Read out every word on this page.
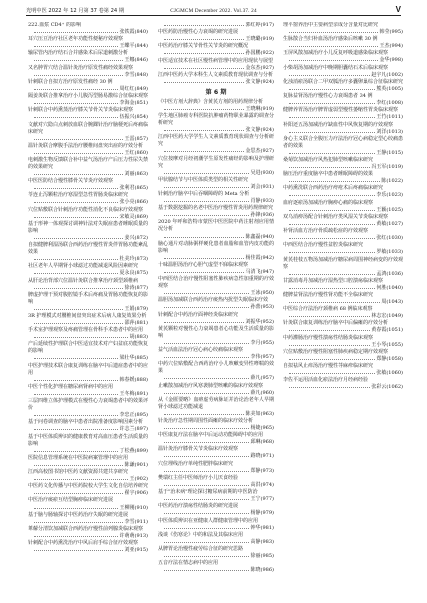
光明中医 2022 年 12 月第 37 卷第 24 期	CJGMCM December 2022. Vol.37. 24	V
222.血浆 CD4⁺ 的影响
张铁霞(840)
耳穴压豆治疗社区老年功能性便秘疗效观察
王蝶平(844)
输尿管内治疗结石合并感染术后尿道刺激分析
王娜(846)
又名肿胃穴结合温针灸治疗原发性痛经效果观察
李雪(848)
针刺联合自拟方治疗原发性痛经 30 例
周红红(849)
隔姜灸联合推拿治疗小儿腹泻型肠易激综合征临床观察
李海金(851)
针刺联合中药熏蒸治疗膝关节骨关节炎临床观察
伍振兴(854)
文献对穴隐白点刺放血联合腕踝针治疗脑梗死后疼痛临床研究
王雷(857)
温针灸联合摩腹手法治疗腰椎间盘突出症的疗效分析
王红(860)
电刺激生物反馈联合补中益气汤治疗产后压力性尿失禁的效果研究
刘丽(863)
中医医防结合慢性膝骨关节炎疗效观察
张利君(865)
苓连止泻颗粒治疗寒湿型急性胃肠炎临床研究
张小亮(866)
穴位贴敷联合针刺治疗功能性消化不良临床疗效观察
宋敏灵(869)
基于形神一体观探讨调神针法对失眠症患者睡眠质量的影响
姜兴(872)
自拟健脾利湿汤联合西药治疗慢性胃炎伴胃肠功能紊乱效果
杜美玲(873)
社区老年人早期肾小球滤过功能减退风险因素研究
夏永良(875)
从肝论治背部穴位温针灸联合推拿治疗颈型颈椎病
徐涛(877)
脾虚护理干预对腹腔镜手术后疼痛及胃肠功能恢复的影响
王娟(879)
3R 护理模式对腰椎间盘突出症术后病人康复效果分析
邵萍(881)
手术室护理观察及疼痛管理在骨科手术患者中的应用
胡(883)
产后延续性护理联合中医适宜技术对产妇盆底功能恢复的影响
梁壮华(885)
中医护理技术联合康复训练在脑卒中后遗症患者中的应用
韩春媛(888)
中医个性化护理在糖尿病肾病中的应用
王冬梅(891)
三层四维立体护理模式在慢性心力衰竭患者中的效果评价
李忠正(895)
基于问卷调查的脑卒中患者出院准备度影响因素分析
许志兰(897)
基于中医体质辨识的健康教育对高血压患者生活质量的影响
丁松燕(899)
医院信息管理系统在中医院病案管理中的应用
陈谦(901)
江西高校图书馆中医药文献资源共建共享研究
王(902)
中医药文化传播与中医药院校大学生文化自信培养研究
翟宇(906)
中医治疗痰瘀互结型胸痹临床研究进展
王柳刚(910)
基于脑与肠轴探讨中医药治疗失眠的研究进展
李雪(911)
萆薢分清饮加减联合西药治疗慢性前列腺炎临床观察
许萌萌(913)
针刺配合中药熏洗治疗中风后肩手综合征疗效观察
刘亚(915)
郭红婷(917)
中医药防治慢性心力衰竭的研究进展
王晓璐(919)
中医药治疗膝关节骨性关节炎的研究概况
孙国鹏(922)
中医适宜技术在社区慢性病管理中的应用现状与展望
金东杰(927)
江西中医药大学本科生人文素质教育现状调查与分析
张文静(924)
第 6 期
《中医方剂大辞典》含黄芪方剂的用药规律分析
王晓琳(919)
学生地区肺癌专科医院抗肿瘤药物职业暴露的调查分析研究
张文静(924)
江西中医药大学学生人文素质教育现状调查与分析研究
金思杰(927)
穴位按摩对月经初潮学生原发性痛经的影响及护理研究
吴进(930)
甲状腺结节与中医体质类型的相关性研究
刘会(931)
针刺治疗脑卒中后吞咽障碍的 Meta 分析
肖静(933)
基于数据挖掘的名老中医治疗慢性胃炎用药规律研究
孙锋(936)
2020 年呼和浩特市蒙医中医医院中药注射剂应用情况分析
陈鑫磊(940)
脑心通片对动脉粥样硬化患者血脂和血管内皮功能的影响
杨佳霞(942)
十味温胆汤治疗心胆气虚型不寐临床观察
马清飞(947)
中西医结合治疗慢性阻塞性肺疾病急性加重期的疗效观察
王冰(950)
温胆汤加减联合西药治疗痰热内扰型失眠临床疗效
孙蕾(953)
针刺配合中药治疗面神经炎临床研究
刘振华(952)
黄芪颗粒对慢性心力衰竭患者心功能及生活质量的影响
李月(955)
益气活血法治疗冠心病心绞痛临床观察
李伟(957)
中药穴位贴敷配合西药治疗小儿咳嗽变异性哮喘的效果
薛凡(957)
止嗽散加减治疗风寒袭肺型咳嗽的临床疗效观察
薛凡(960)
从《金匮要略》血痹虚劳病脉证并治论治老年人早期肾小球滤过功能减退
陈美如(963)
针灸治疗急性期周围性面瘫的临床疗效分析
杨婕(965)
中医康复疗法在脑卒中后运动功能障碍中的应用
邱琳(968)
温针灸治疗膝骨关节炎临床疗效观察
路晓(971)
穴位埋线治疗单纯性肥胖临床研究
郑静(973)
樊瑞红主任中医师治疗小儿厌食经验
高洪(974)
基于"治未病"理论探讨糖尿病前期的中医防治
王宁(977)
中医药治疗溃疡性结肠炎的研究进展
杨静(979)
中医体质辨识在亚健康人群健康管理中的应用
钟华(981)
浅谈《伤寒论》中的和法及其临床应用
高静(983)
从脾胃论治慢性疲劳综合征的研究思路
徐丽(985)
五音疗法在情志病中的应用
陈晓(986)
理平窗养治中主要病型亲成分含量对比研究
韩莹(995)
生脉散合当归补血汤治疗感染后咳嗽 30 例
王杰(994)
玉屏风散加减治疗小儿反复呼吸道感染临床观察
金华(998)
小柴胡汤加减治疗中晚期胆囊结石术后临床观察
赵宇凡(1002)
化浊消瘀汤联合二甲双胍治疗多囊卵巢综合征临床研究
熊英(1005)
复脉益肾汤治疗慢性心力衰竭患者 34 例
李红(1008)
健脾养胃汤治疗脾胃虚弱型慢性萎缩性胃炎临床观察
王竹(1011)
补阳还五汤加减治疗缺血性中风恢复期的疗效观察
刘洋(1013)
身心主义联合全腹压力疗法治疗冠心病稳定型心绞痛患者的效果
王静(1015)
桑菊饮加减治疗风热犯肺型咳嗽临床研究
冯玉军(1019)
脑压治疗重度脑卒中患者睡眠障碍的效果
陈(1022)
中药熏洗联合西药治疗痔疮术后疼痛临床研究
李乐(1023)
血府逐瘀汤加减治疗胸痹心痛的临床观察
王颖(1025)
双乌消痹汤配合针刺治疗类风湿关节炎临床观察
黄敏(1027)
补肾活血方治疗骨质疏松症的疗效观察
张红(1030)
中西医结合治疗慢性盆腔炎临床研究
罗敏(1033)
黄芪桂枝五物汤加减治疗糖尿病周围神经病变的疗效观察
孟鸿(1036)
甘露消毒丹加减治疗湿热型口腔溃疡临床观察
何胜(1040)
健脾益肾法治疗慢性肾功能不全临床研究
周(1043)
中医综合疗法治疗颈椎病 68 例临床观察
林志宏(1049)
针灸联合康复训练治疗脑卒中后偏瘫的疗效分析
黄春霞(1051)
中药灌肠治疗慢性溃疡性结肠炎临床观察
王小琴(1055)
穴位贴敷治疗慢性阻塞性肺疾病稳定期疗效观察
郑静(1058)
自拟祛风止痒汤治疗慢性荨麻疹临床研究
张敏(1060)
李佐平运用活血化瘀法治疗月经病经验
张彩云(1062)
